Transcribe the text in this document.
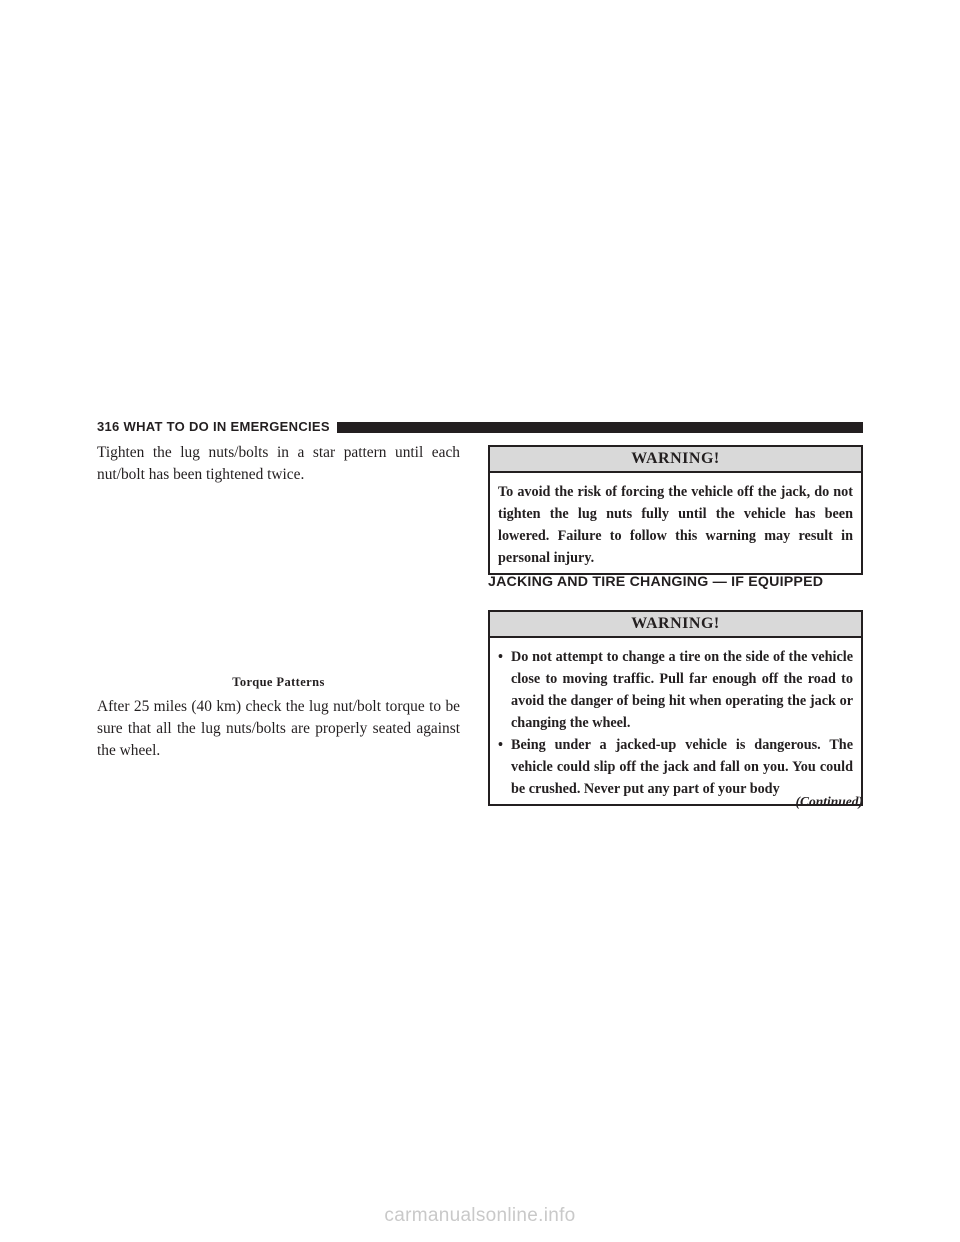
316 WHAT TO DO IN EMERGENCIES

Tighten the lug nuts/bolts in a star pattern until each nut/bolt has been tightened twice.

Torque Patterns

After 25 miles (40 km) check the lug nut/bolt torque to be sure that all the lug nuts/bolts are properly seated against the wheel.

WARNING!

To avoid the risk of forcing the vehicle off the jack, do not tighten the lug nuts fully until the vehicle has been lowered. Failure to follow this warning may result in personal injury.

JACKING AND TIRE CHANGING — IF EQUIPPED
WARNING!
• Do not attempt to change a tire on the side of the vehicle close to moving traffic. Pull far enough off the road to avoid the danger of being hit when operating the jack or changing the wheel.
• Being under a jacked-up vehicle is dangerous. The vehicle could slip off the jack and fall on you. You could be crushed. Never put any part of your body
(Continued)
carmanualsonline.info
